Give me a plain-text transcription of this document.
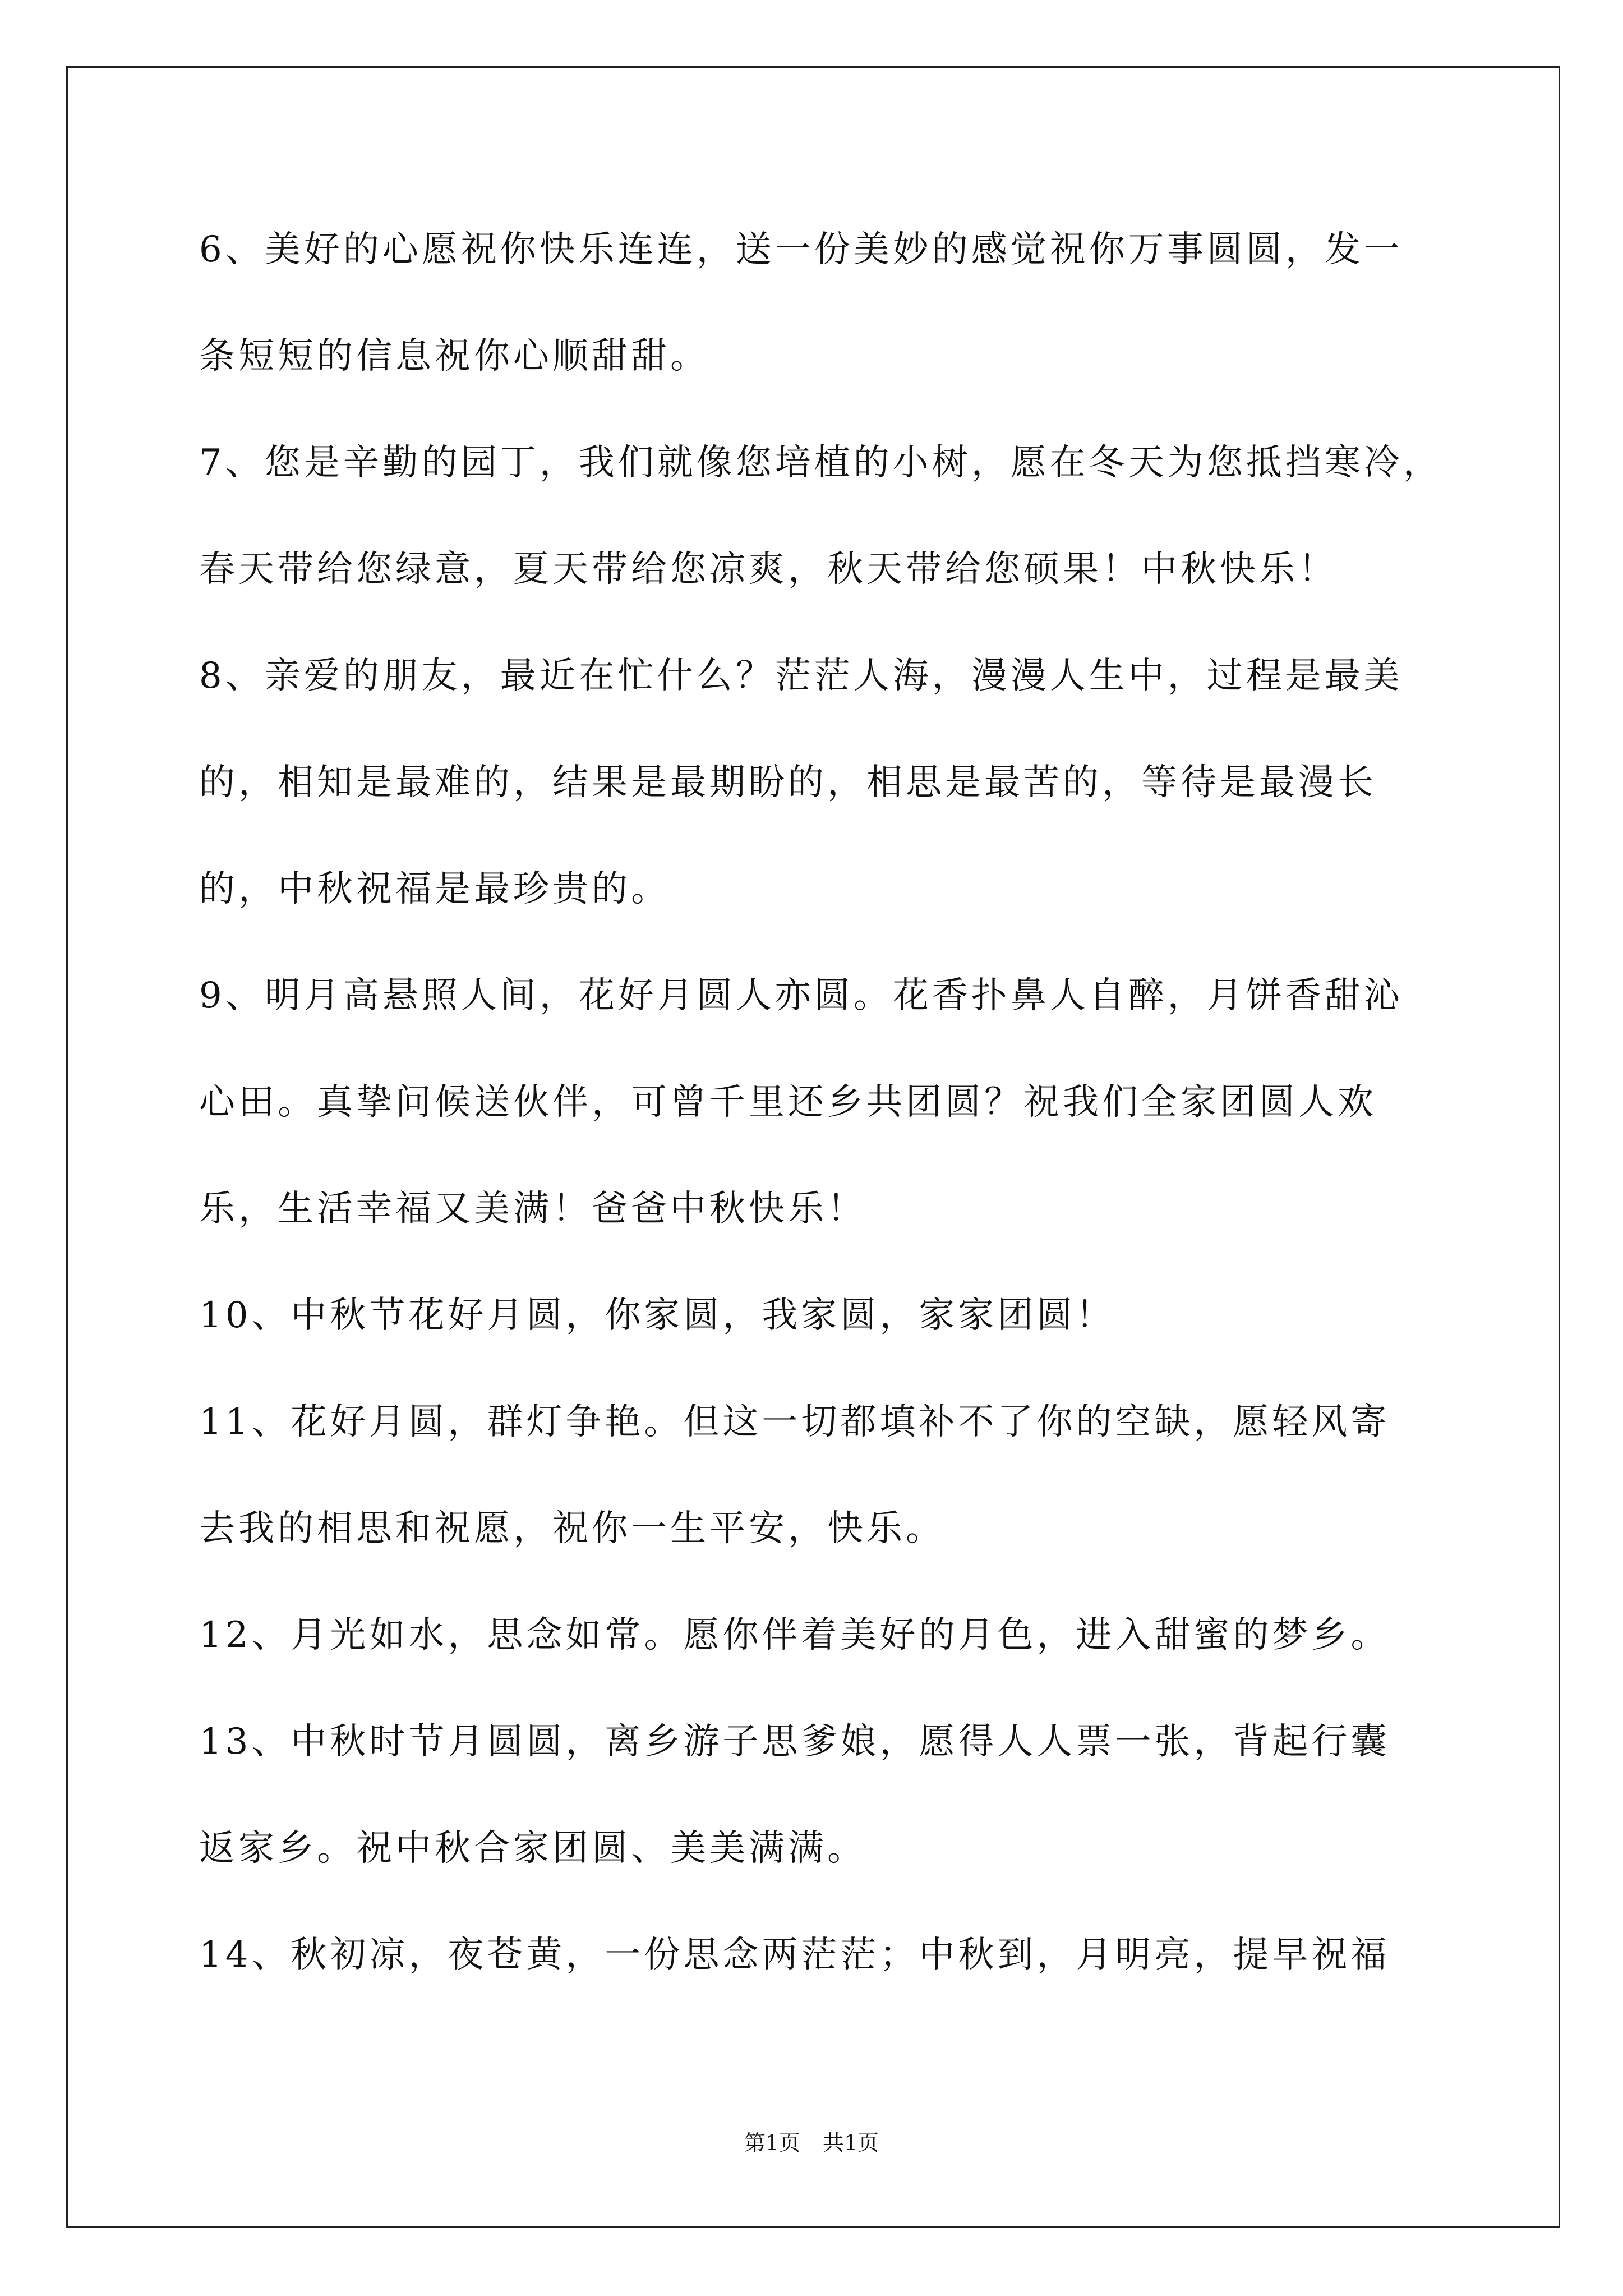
6、美好的心愿祝你快乐连连，送一份美妙的感觉祝你万事圆圆，发一
条短短的信息祝你心顺甜甜。
7、您是辛勤的园丁，我们就像您培植的小树，愿在冬天为您抵挡寒冷，
春天带给您绿意，夏天带给您凉爽，秋天带给您硕果！中秋快乐！
8、亲爱的朋友，最近在忙什么？茫茫人海，漫漫人生中，过程是最美
的，相知是最难的，结果是最期盼的，相思是最苦的，等待是最漫长
的，中秋祝福是最珍贵的。
9、明月高悬照人间，花好月圆人亦圆。花香扑鼻人自醉，月饼香甜沁
心田。真挚问候送伙伴，可曾千里还乡共团圆？祝我们全家团圆人欢
乐，生活幸福又美满！爸爸中秋快乐！
10、中秋节花好月圆，你家圆，我家圆，家家团圆！
11、花好月圆，群灯争艳。但这一切都填补不了你的空缺，愿轻风寄
去我的相思和祝愿，祝你一生平安，快乐。
12、月光如水，思念如常。愿你伴着美好的月色，进入甜蜜的梦乡。
13、中秋时节月圆圆，离乡游子思爹娘，愿得人人票一张，背起行囊
返家乡。祝中秋合家团圆、美美满满。
14、秋初凉，夜苍黄，一份思念两茫茫；中秋到，月明亮，提早祝福
第1页 共1页
